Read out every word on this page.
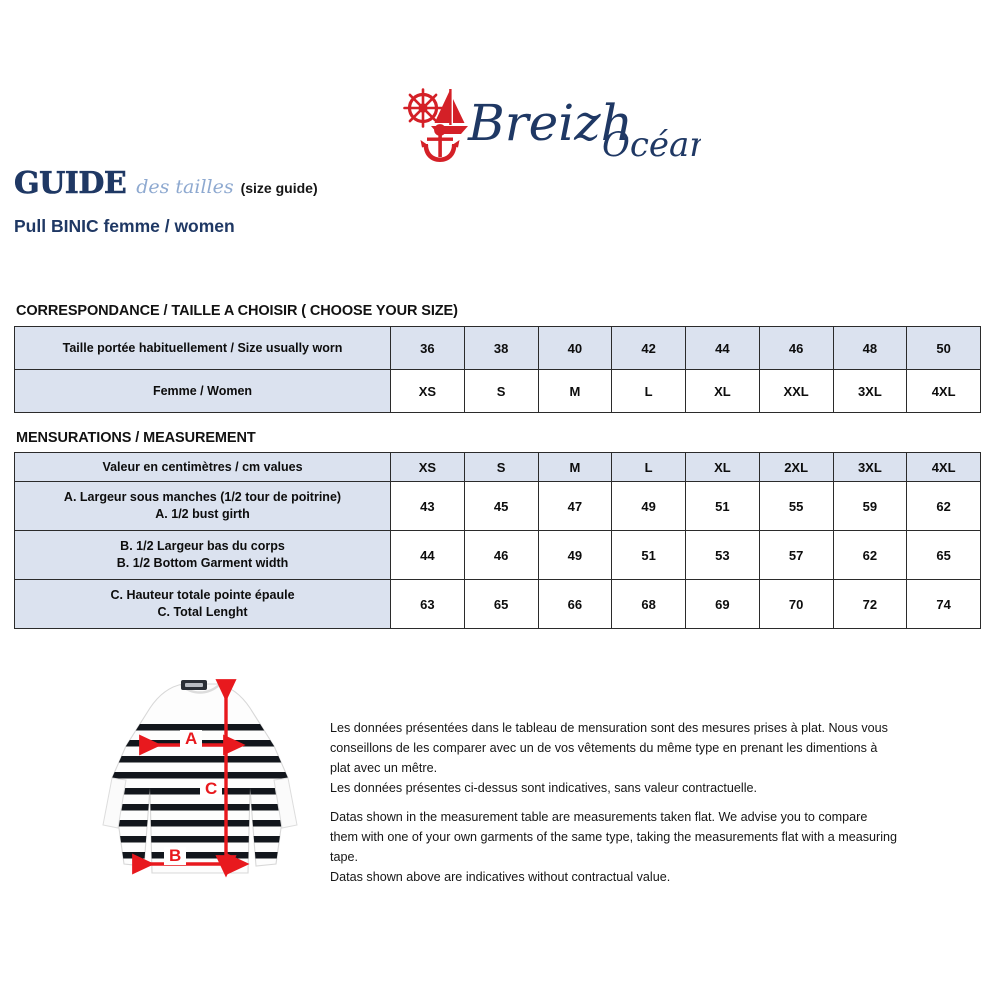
Breizh
Océan
GUIDE des tailles (size guide)
Pull BINIC femme / women
CORRESPONDANCE / TAILLE A CHOISIR ( CHOOSE YOUR SIZE)
Taille portée habituellement / Size usually worn	36	38	40	42	44	46	48	50
Femme / Women	XS	S	M	L	XL	XXL	3XL	4XL
MENSURATIONS / MEASUREMENT
Valeur en centimètres / cm values	XS	S	M	L	XL	2XL	3XL	4XL

A. Largeur sous manches (1/2 tour de poitrine)
A. 1/2 bust girth	43	45	47	49	51	55	59	62

B. 1/2 Largeur bas du corps
B. 1/2 Bottom Garment width	44	46	49	51	53	57	62	65

C. Hauteur totale pointe épaule
C. Total Lenght	63	65	66	68	69	70	72	74
A
B
C
Les données présentées dans le tableau de mensuration sont des mesures prises à plat. Nous vous conseillons de les comparer avec un de vos vêtements du même type en prenant les dimentions à plat avec un mêtre.
Les données présentes ci-dessus sont indicatives, sans valeur contractuelle.
Datas shown in the measurement table are measurements taken flat. We advise you to compare them with one of your own garments of the same type, taking the measurements flat with a measuring tape.
Datas shown above are indicatives without contractual value.
